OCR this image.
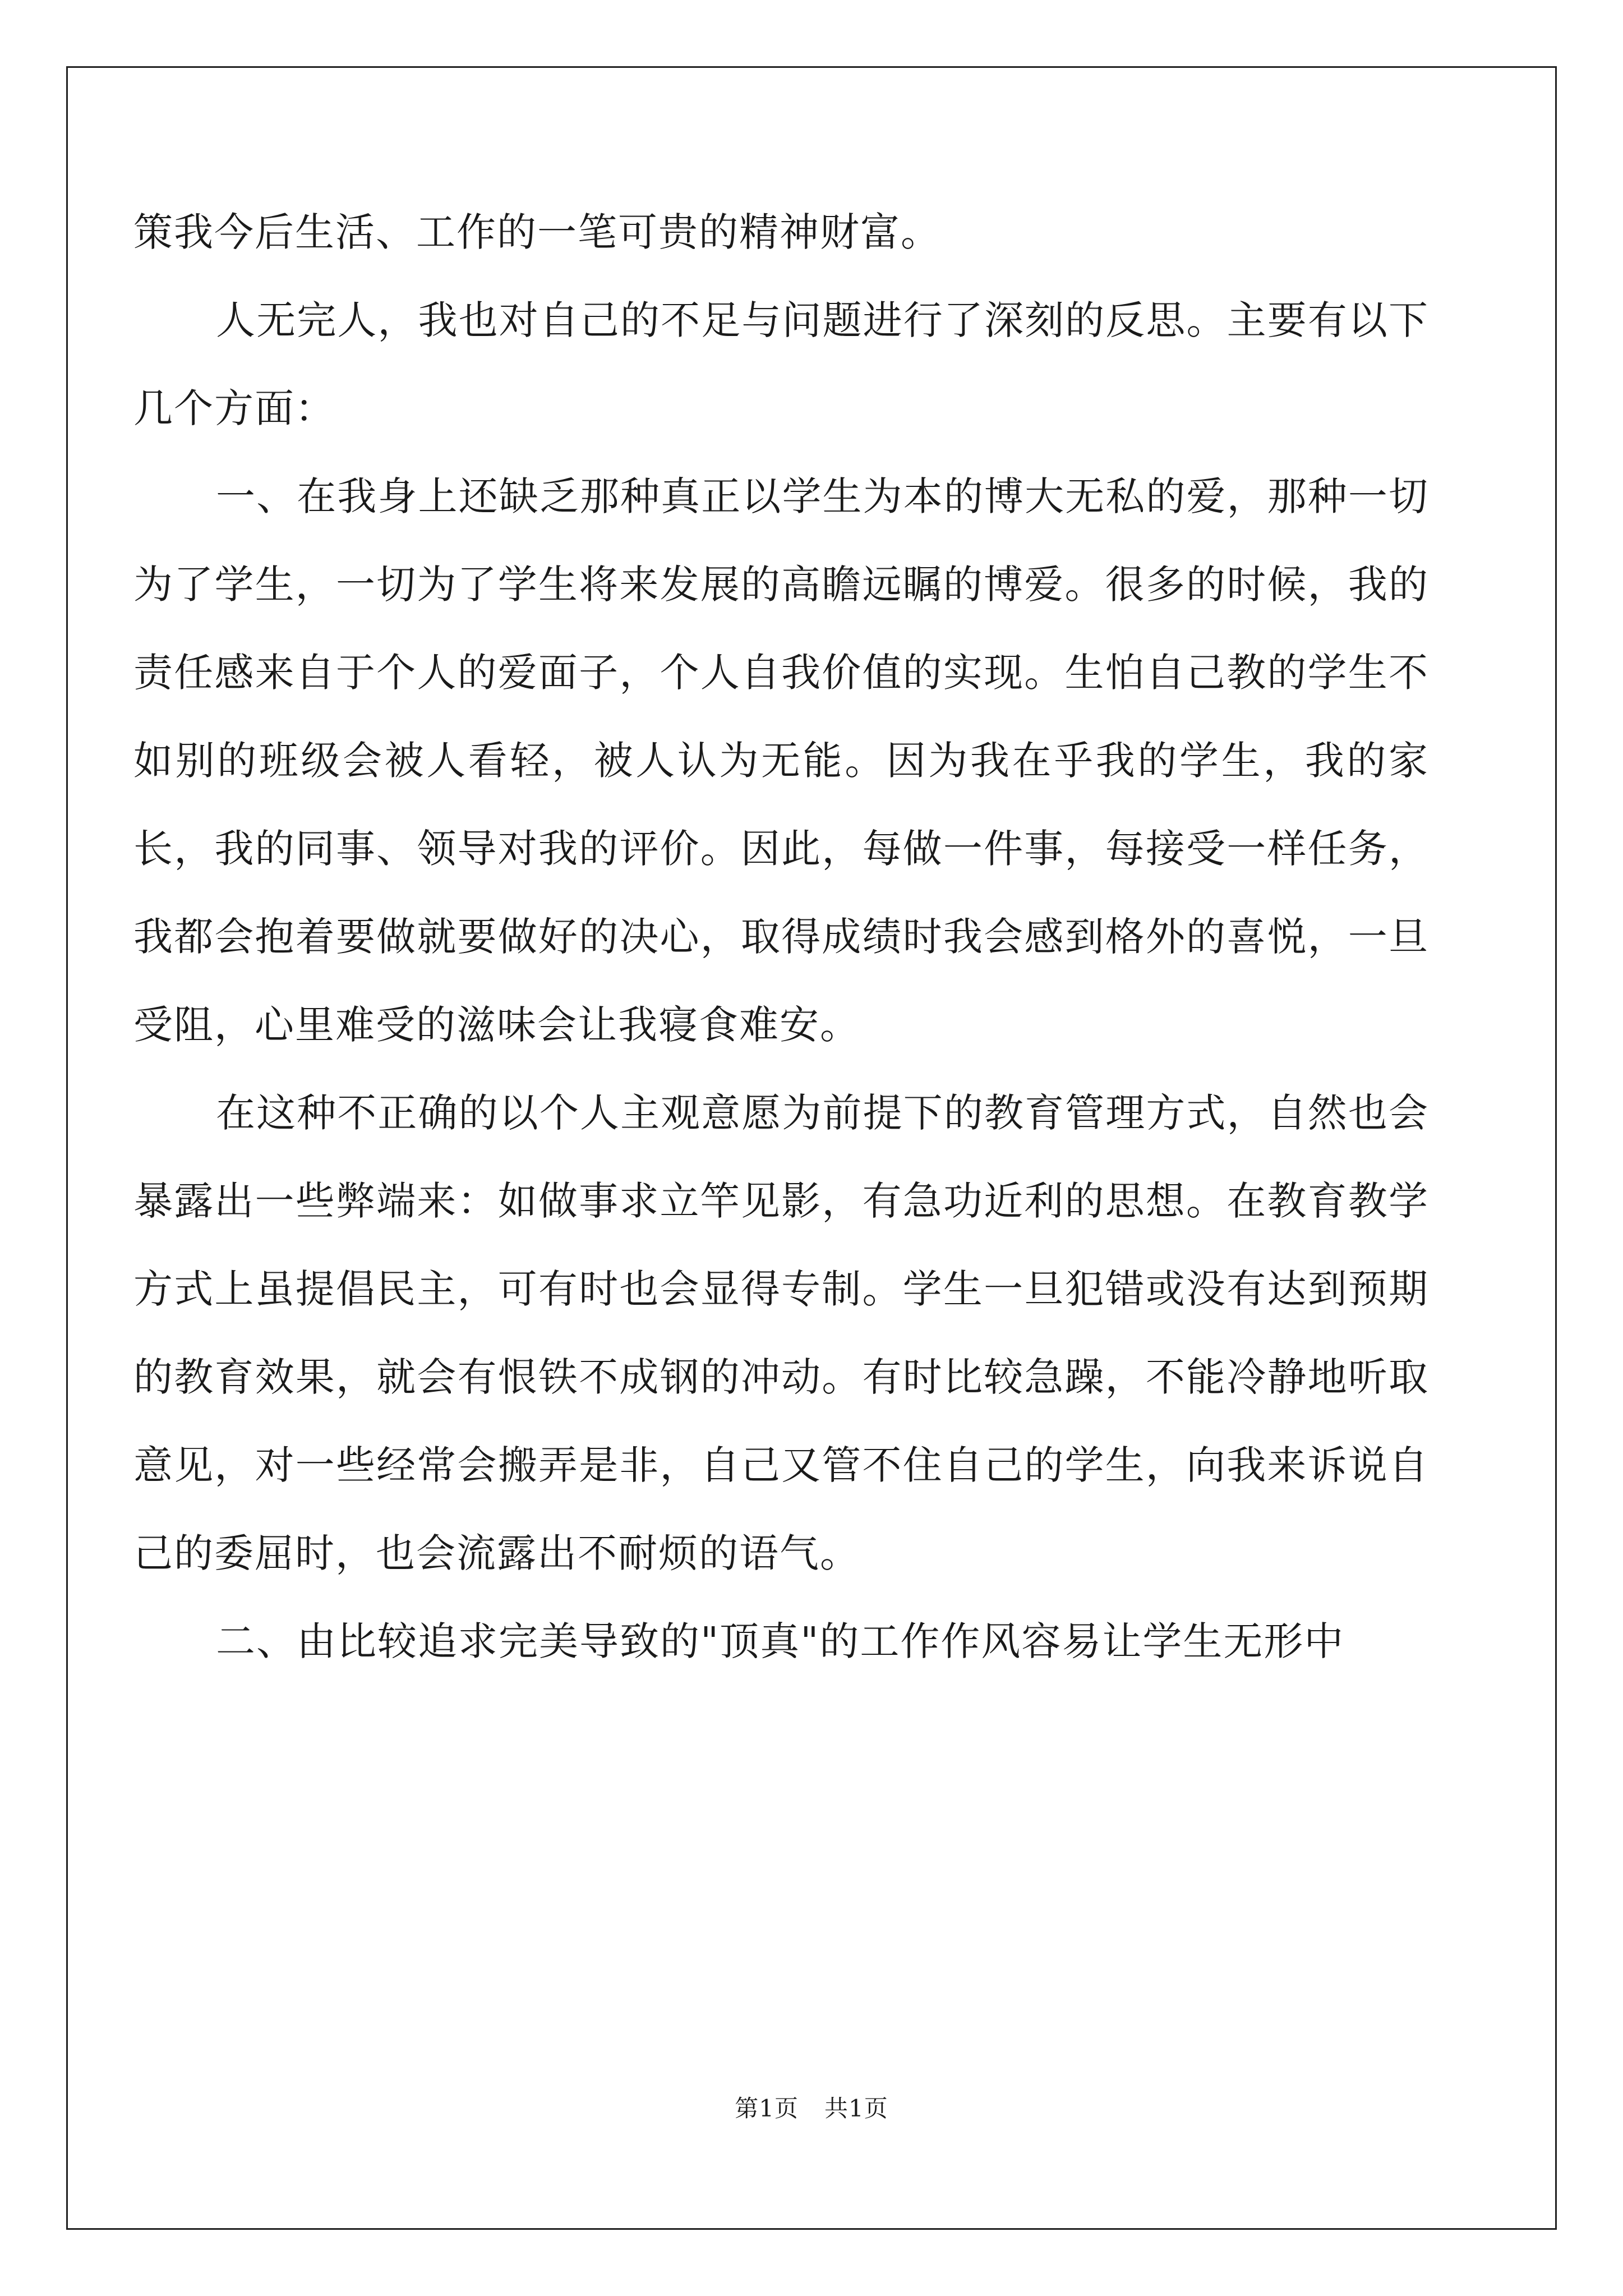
策我今后生活、工作的一笔可贵的精神财富。

人无完人，我也对自己的不足与问题进行了深刻的反思。主要有以下几个方面：

一、在我身上还缺乏那种真正以学生为本的博大无私的爱，那种一切为了学生，一切为了学生将来发展的高瞻远瞩的博爱。很多的时候，我的责任感来自于个人的爱面子，个人自我价值的实现。生怕自己教的学生不如别的班级会被人看轻，被人认为无能。因为我在乎我的学生，我的家长，我的同事、领导对我的评价。因此，每做一件事，每接受一样任务，我都会抱着要做就要做好的决心，取得成绩时我会感到格外的喜悦，一旦受阻，心里难受的滋味会让我寝食难安。

在这种不正确的以个人主观意愿为前提下的教育管理方式，自然也会暴露出一些弊端来：如做事求立竿见影，有急功近利的思想。在教育教学方式上虽提倡民主，可有时也会显得专制。学生一旦犯错或没有达到预期的教育效果，就会有恨铁不成钢的冲动。有时比较急躁，不能冷静地听取意见，对一些经常会搬弄是非，自己又管不住自己的学生，向我来诉说自己的委屈时，也会流露出不耐烦的语气。

二、由比较追求完美导致的"顶真"的工作作风容易让学生无形中

第1页 共1页
